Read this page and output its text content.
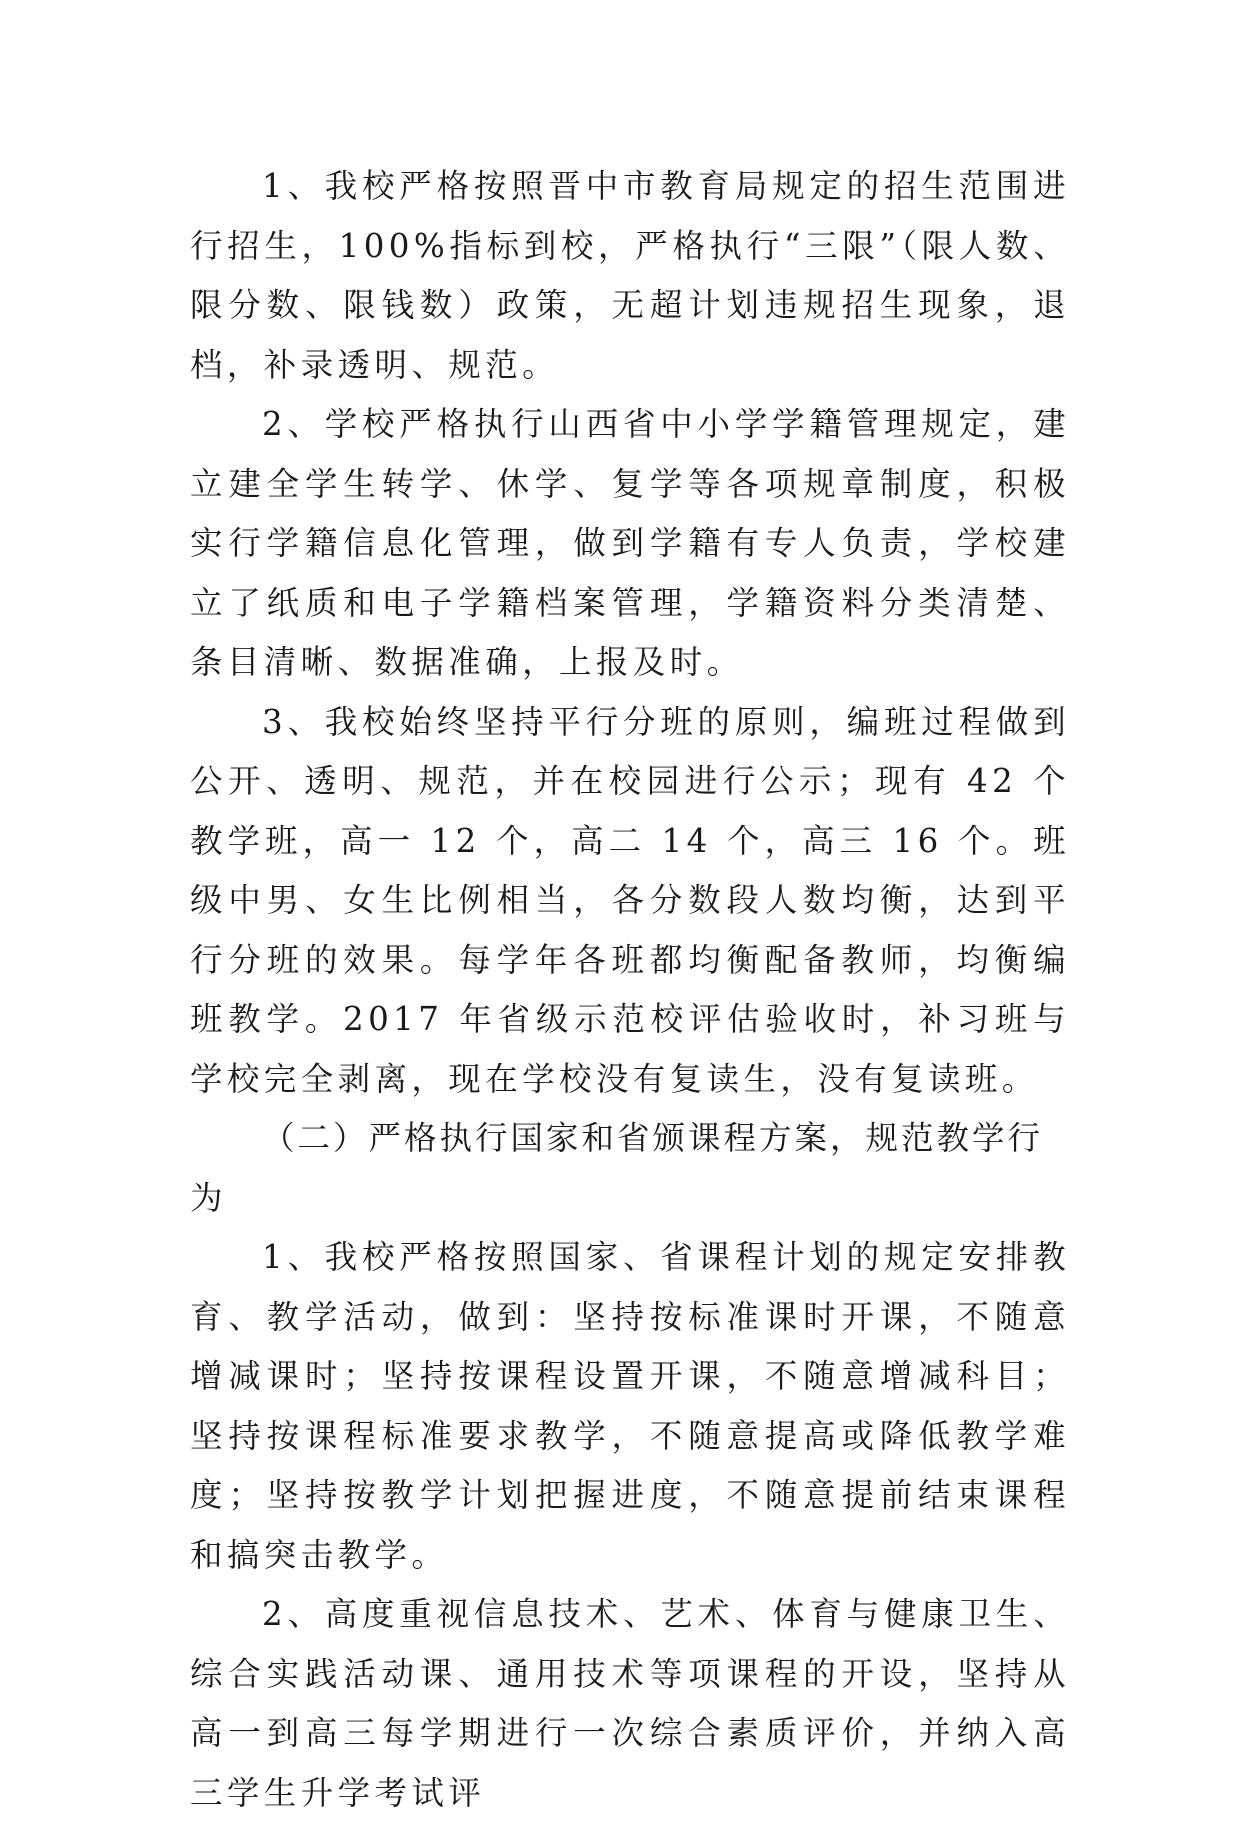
1、我校严格按照晋中市教育局规定的招生范围进行招生，100%指标到校，严格执行“三限”（限人数、限分数、限钱数）政策，无超计划违规招生现象，退档，补录透明、规范。

2、学校严格执行山西省中小学学籍管理规定，建立建全学生转学、休学、复学等各项规章制度，积极实行学籍信息化管理，做到学籍有专人负责，学校建立了纸质和电子学籍档案管理，学籍资料分类清楚、条目清晰、数据准确，上报及时。

3、我校始终坚持平行分班的原则，编班过程做到公开、透明、规范，并在校园进行公示；现有 42 个教学班，高一 12 个，高二 14 个，高三 16 个。班级中男、女生比例相当，各分数段人数均衡，达到平行分班的效果。每学年各班都均衡配备教师，均衡编班教学。2017 年省级示范校评估验收时，补习班与学校完全剥离，现在学校没有复读生，没有复读班。

（二）严格执行国家和省颁课程方案，规范教学行为

1、我校严格按照国家、省课程计划的规定安排教育、教学活动，做到：坚持按标准课时开课，不随意增减课时；坚持按课程设置开课，不随意增减科目；坚持按课程标准要求教学，不随意提高或降低教学难度；坚持按教学计划把握进度，不随意提前结束课程和搞突击教学。

2、高度重视信息技术、艺术、体育与健康卫生、综合实践活动课、通用技术等项课程的开设，坚持从高一到高三每学期进行一次综合素质评价，并纳入高三学生升学考试评
